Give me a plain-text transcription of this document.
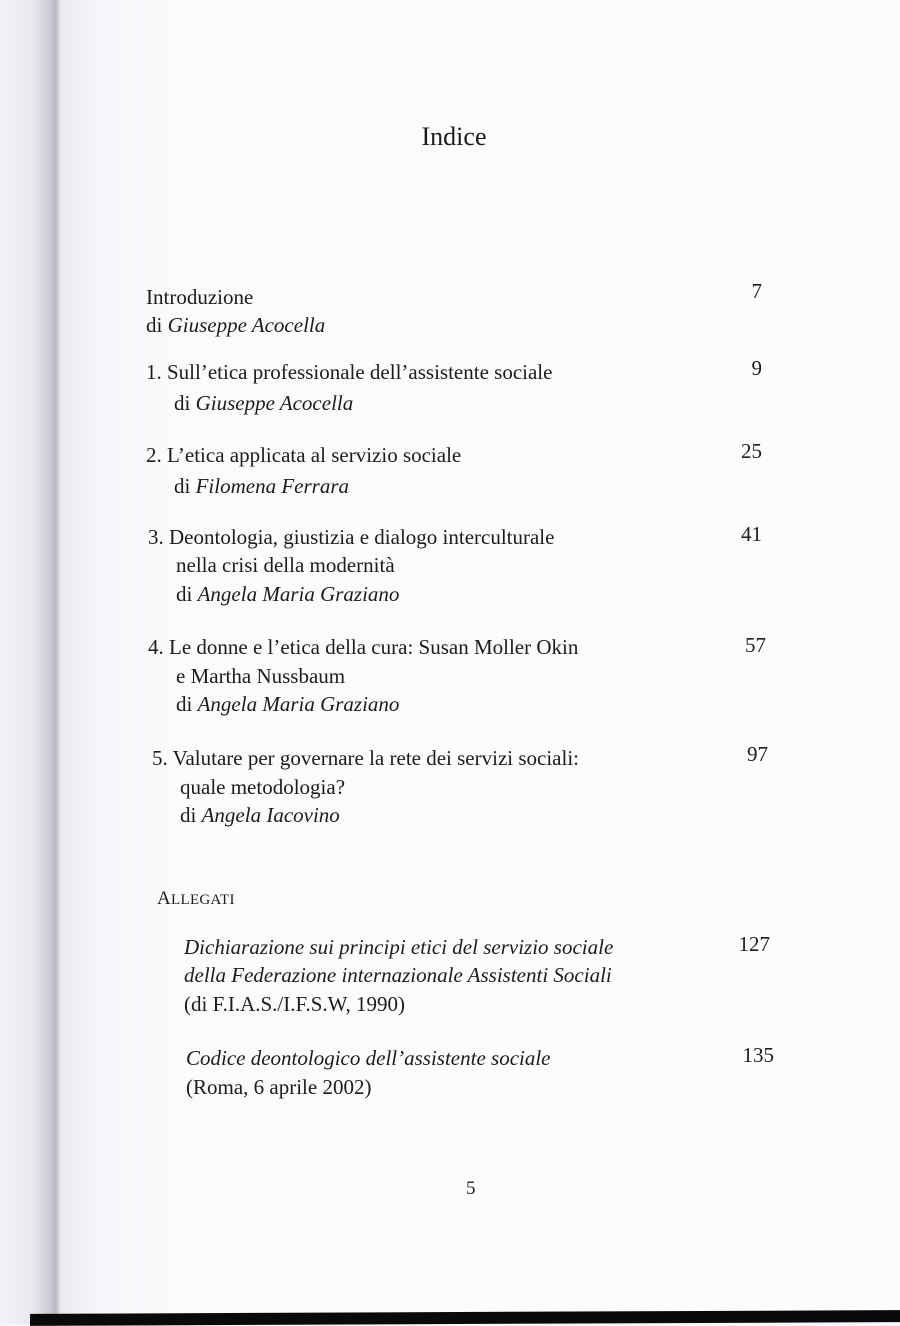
Indice
Introduzione
di Giuseppe Acocella
7
1. Sull’etica professionale dell’assistente sociale
di Giuseppe Acocella
9
2. L’etica applicata al servizio sociale
di Filomena Ferrara
25
3. Deontologia, giustizia e dialogo interculturale
nella crisi della modernità
di Angela Maria Graziano
41
4. Le donne e l’etica della cura: Susan Moller Okin
e Martha Nussbaum
di Angela Maria Graziano
57
5. Valutare per governare la rete dei servizi sociali:
quale metodologia?
di Angela Iacovino
97
ALLEGATI
Dichiarazione sui principi etici del servizio sociale
della Federazione internazionale Assistenti Sociali
(di F.I.A.S./I.F.S.W, 1990)
127
Codice deontologico dell’assistente sociale
(Roma, 6 aprile 2002)
135
5
